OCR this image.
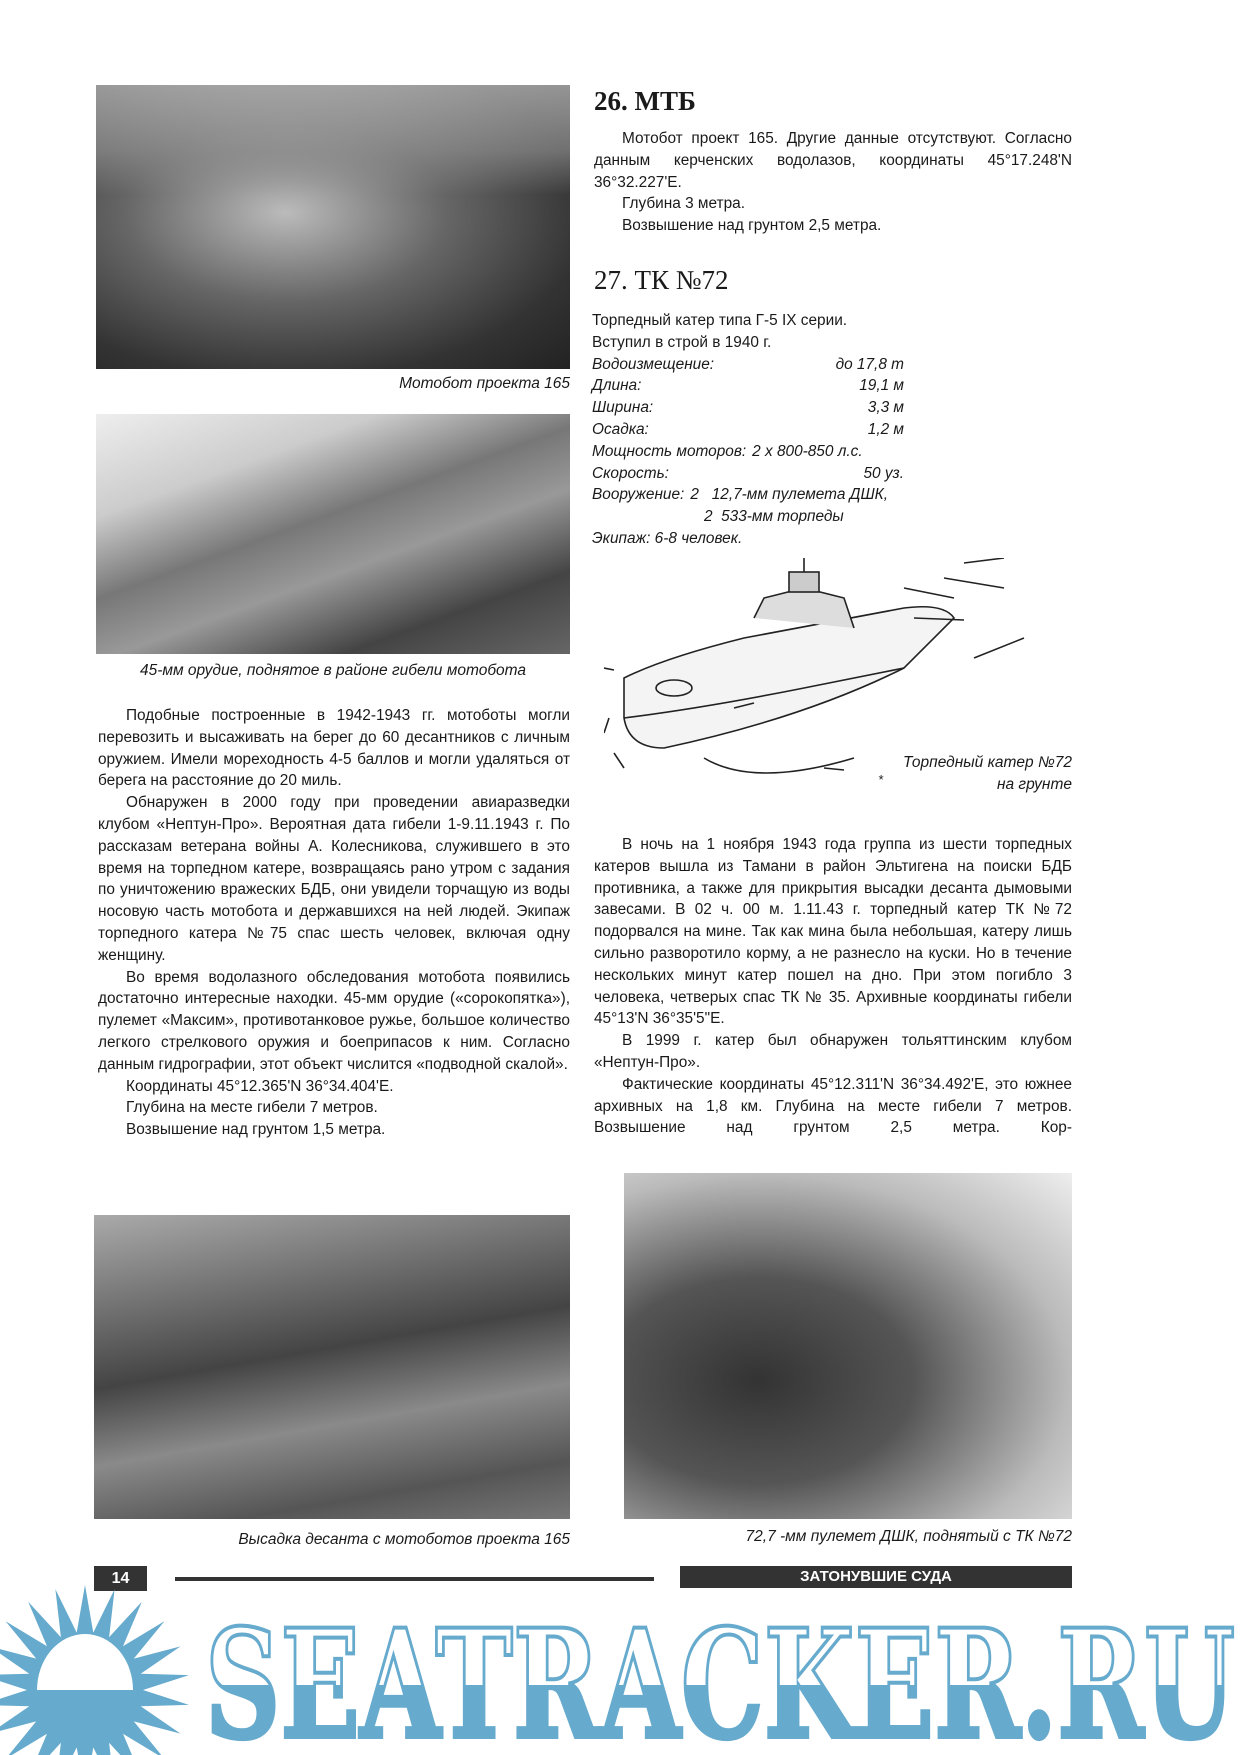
Мотобот проекта 165
45-мм орудие, поднятое в районе гибели мотобота

Подобные построенные в 1942-1943 гг. мотоботы могли перевозить и высаживать на берег до 60 десантников с личным оружием. Имели мореходность 4-5 баллов и могли удаляться от берега на расстояние до 20 миль.

Обнаружен в 2000 году при проведении авиаразведки клубом «Нептун-Про». Вероятная дата гибели 1-9.11.1943 г. По рассказам ветерана войны А. Колесникова, служившего в это время на торпедном катере, возвращаясь рано утром с задания по уничтожению вражеских БДБ, они увидели торчащую из воды носовую часть мотобота и державшихся на ней людей. Экипаж торпедного катера №75 спас шесть человек, включая одну женщину.

Во время водолазного обследования мотобота появились достаточно интересные находки. 45-мм орудие («сорокопятка»), пулемет «Максим», противотанковое ружье, большое количество легкого стрелкового оружия и боеприпасов к ним. Согласно данным гидрографии, этот объект числится «подводной скалой».

Координаты 45°12.365'N 36°34.404'E.

Глубина на месте гибели 7 метров.

Возвышение над грунтом 1,5 метра.

Высадка десанта с мотоботов проекта 165
26. МТБ

Мотобот проект 165. Другие данные отсутствуют. Согласно данным керченских водолазов, координаты 45°17.248'N 36°32.227'E.

Глубина 3 метра.

Возвышение над грунтом 2,5 метра.

27. ТК №72
Торпедный катер типа Г-5 IX серии.
Вступил в строй в 1940 г.
Водоизмещение:	до 17,8 т
Длина:	19,1 м
Ширина:	3,3 м
Осадка:	1,2 м
Мощность моторов: 2 x 800-850 л.с.
Скорость:	50 уз.
Вооружение: 2   12,7-мм пулемета ДШК,
2  533-мм торпеды
Экипаж: 6-8 человек.
Торпедный катер №72
на грунте
*

В ночь на 1 ноября 1943 года группа из шести торпедных катеров вышла из Тамани в район Эльтигена на поиски БДБ противника, а также для прикрытия высадки десанта дымовыми завесами. В 02 ч. 00 м. 1.11.43 г. торпедный катер ТК №72 подорвался на мине. Так как мина была небольшая, катеру лишь сильно разворотило корму, а не разнесло на куски. Но в течение нескольких минут катер пошел на дно. При этом погибло 3 человека, четверых спас ТК № 35. Архивные координаты гибели 45°13'N 36°35'5"E.

В 1999 г. катер был обнаружен тольяттинским клубом «Нептун-Про».

Фактические координаты 45°12.311'N 36°34.492'E, это южнее архивных на 1,8 км. Глубина на месте гибели 7 метров. Возвышение над грунтом 2,5 метра. Кор-

72,7 -мм пулемет ДШК, поднятый с ТК №72
14	ЗАТОНУВШИЕ СУДА
SEATRACKER.RU
